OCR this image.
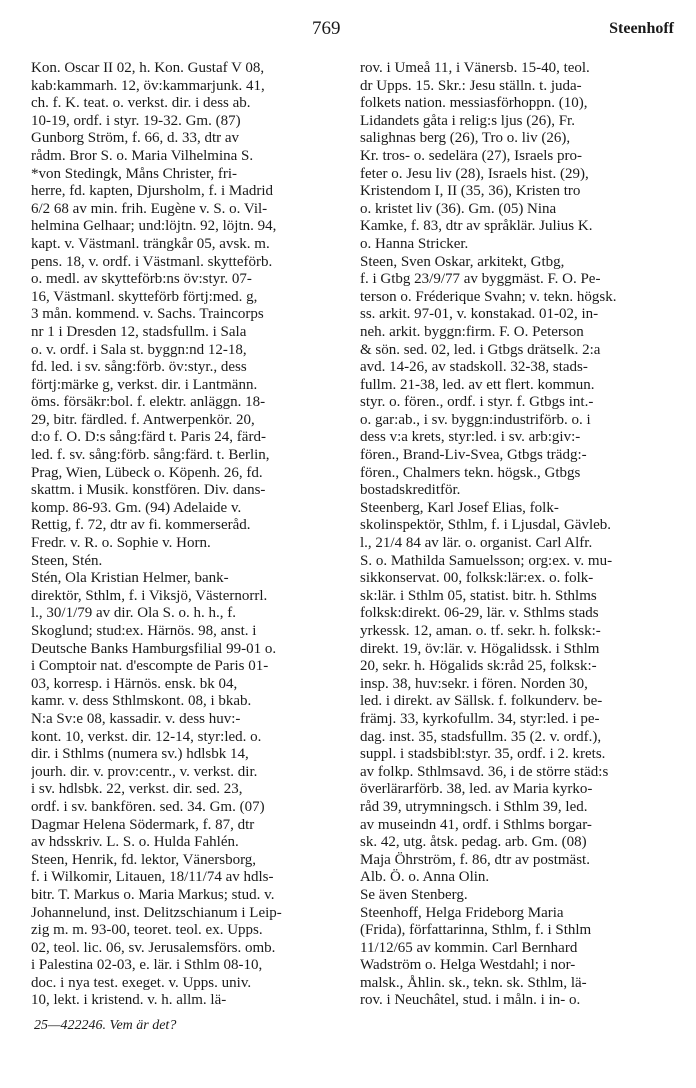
769	Steenhoff
Kon. Oscar II 02, h. Kon. Gustaf V 08,
kab:kammarh. 12, öv:kammarjunk. 41,
ch. f. K. teat. o. verkst. dir. i dess ab.
10-19, ordf. i styr. 19-32. Gm. (87)
Gunborg Ström, f. 66, d. 33, dtr av
rådm. Bror S. o. Maria Vilhelmina S.
*von Stedingk, Måns Christer, fri-
herre, fd. kapten, Djursholm, f. i Madrid
6/2 68 av min. frih. Eugène v. S. o. Vil-
helmina Gelhaar; und:löjtn. 92, löjtn. 94,
kapt. v. Västmanl. trängkår 05, avsk. m.
pens. 18, v. ordf. i Västmanl. skytteförb.
o. medl. av skytteförb:ns öv:styr. 07-
16, Västmanl. skytteförb förtj:med. g,
3 mån. kommend. v. Sachs. Traincorps
nr 1 i Dresden 12, stadsfullm. i Sala
o. v. ordf. i Sala st. byggn:nd 12-18,
fd. led. i sv. sång:förb. öv:styr., dess
förtj:märke g, verkst. dir. i Lantmänn.
öms. försäkr:bol. f. elektr. anläggn. 18-
29, bitr. färdled. f. Antwerpenkör. 20,
d:o f. O. D:s sång:färd t. Paris 24, färd-
led. f. sv. sång:förb. sång:färd. t. Berlin,
Prag, Wien, Lübeck o. Köpenh. 26, fd.
skattm. i Musik. konstfören. Div. dans-
komp. 86-93. Gm. (94) Adelaide v.
Rettig, f. 72, dtr av fi. kommerseråd.
Fredr. v. R. o. Sophie v. Horn.
Steen, Stén.
Stén, Ola Kristian Helmer, bank-
direktör, Sthlm, f. i Viksjö, Västernorrl.
l., 30/1/79 av dir. Ola S. o. h. h., f.
Skoglund; stud:ex. Härnös. 98, anst. i
Deutsche Banks Hamburgsfilial 99-01 o.
i Comptoir nat. d'escompte de Paris 01-
03, korresp. i Härnös. ensk. bk 04,
kamr. v. dess Sthlmskont. 08, i bkab.
N:a Sv:e 08, kassadir. v. dess huv:-
kont. 10, verkst. dir. 12-14, styr:led. o.
dir. i Sthlms (numera sv.) hdlsbk 14,
jourh. dir. v. prov:centr., v. verkst. dir.
i sv. hdlsbk. 22, verkst. dir. sed. 23,
ordf. i sv. bankfören. sed. 34. Gm. (07)
Dagmar Helena Södermark, f. 87, dtr
av hdsskriv. L. S. o. Hulda Fahlén.
Steen, Henrik, fd. lektor, Vänersborg,
f. i Wilkomir, Litauen, 18/11/74 av hdls-
bitr. T. Markus o. Maria Markus; stud. v.
Johannelund, inst. Delitzschianum i Leip-
zig m. m. 93-00, teoret. teol. ex. Upps.
02, teol. lic. 06, sv. Jerusalemsförs. omb.
i Palestina 02-03, e. lär. i Sthlm 08-10,
doc. i nya test. exeget. v. Upps. univ.
10, lekt. i kristend. v. h. allm. lä-
rov. i Umeå 11, i Vänersb. 15-40, teol.
dr Upps. 15. Skr.: Jesu ställn. t. juda-
folkets nation. messiasförhoppn. (10),
Lidandets gåta i relig:s ljus (26), Fr.
salighnas berg (26), Tro o. liv (26),
Kr. tros- o. sedelära (27), Israels pro-
feter o. Jesu liv (28), Israels hist. (29),
Kristendom I, II (35, 36), Kristen tro
o. kristet liv (36). Gm. (05) Nina
Kamke, f. 83, dtr av språklär. Julius K.
o. Hanna Stricker.
Steen, Sven Oskar, arkitekt, Gtbg,
f. i Gtbg 23/9/77 av byggmäst. F. O. Pe-
terson o. Fréderique Svahn; v. tekn. högsk.
ss. arkit. 97-01, v. konstakad. 01-02, in-
neh. arkit. byggn:firm. F. O. Peterson
& sön. sed. 02, led. i Gtbgs drätselk. 2:a
avd. 14-26, av stadskoll. 32-38, stads-
fullm. 21-38, led. av ett flert. kommun.
styr. o. fören., ordf. i styr. f. Gtbgs int.-
o. gar:ab., i sv. byggn:industriförb. o. i
dess v:a krets, styr:led. i sv. arb:giv:-
fören., Brand-Liv-Svea, Gtbgs trädg:-
fören., Chalmers tekn. högsk., Gtbgs
bostadskreditför.
Steenberg, Karl Josef Elias, folk-
skolinspektör, Sthlm, f. i Ljusdal, Gävleb.
l., 21/4 84 av lär. o. organist. Carl Alfr.
S. o. Mathilda Samuelsson; org:ex. v. mu-
sikkonservat. 00, folksk:lär:ex. o. folk-
sk:lär. i Sthlm 05, statist. bitr. h. Sthlms
folksk:direkt. 06-29, lär. v. Sthlms stads
yrkessk. 12, aman. o. tf. sekr. h. folksk:-
direkt. 19, öv:lär. v. Högalidssk. i Sthlm
20, sekr. h. Högalids sk:råd 25, folksk:-
insp. 38, huv:sekr. i fören. Norden 30,
led. i direkt. av Sällsk. f. folkunderv. be-
främj. 33, kyrkofullm. 34, styr:led. i pe-
dag. inst. 35, stadsfullm. 35 (2. v. ordf.),
suppl. i stadsbibl:styr. 35, ordf. i 2. krets.
av folkp. Sthlmsavd. 36, i de större städ:s
överlärarförb. 38, led. av Maria kyrko-
råd 39, utrymningsch. i Sthlm 39, led.
av museindn 41, ordf. i Sthlms borgar-
sk. 42, utg. åtsk. pedag. arb. Gm. (08)
Maja Öhrström, f. 86, dtr av postmäst.
Alb. Ö. o. Anna Olin.
Se även Stenberg.
Steenhoff, Helga Frideborg Maria
(Frida), författarinna, Sthlm, f. i Sthlm
11/12/65 av kommin. Carl Bernhard
Wadström o. Helga Westdahl; i nor-
malsk., Åhlin. sk., tekn. sk. Sthlm, lä-
rov. i Neuchâtel, stud. i måln. i in- o.
25—422246. Vem är det?
